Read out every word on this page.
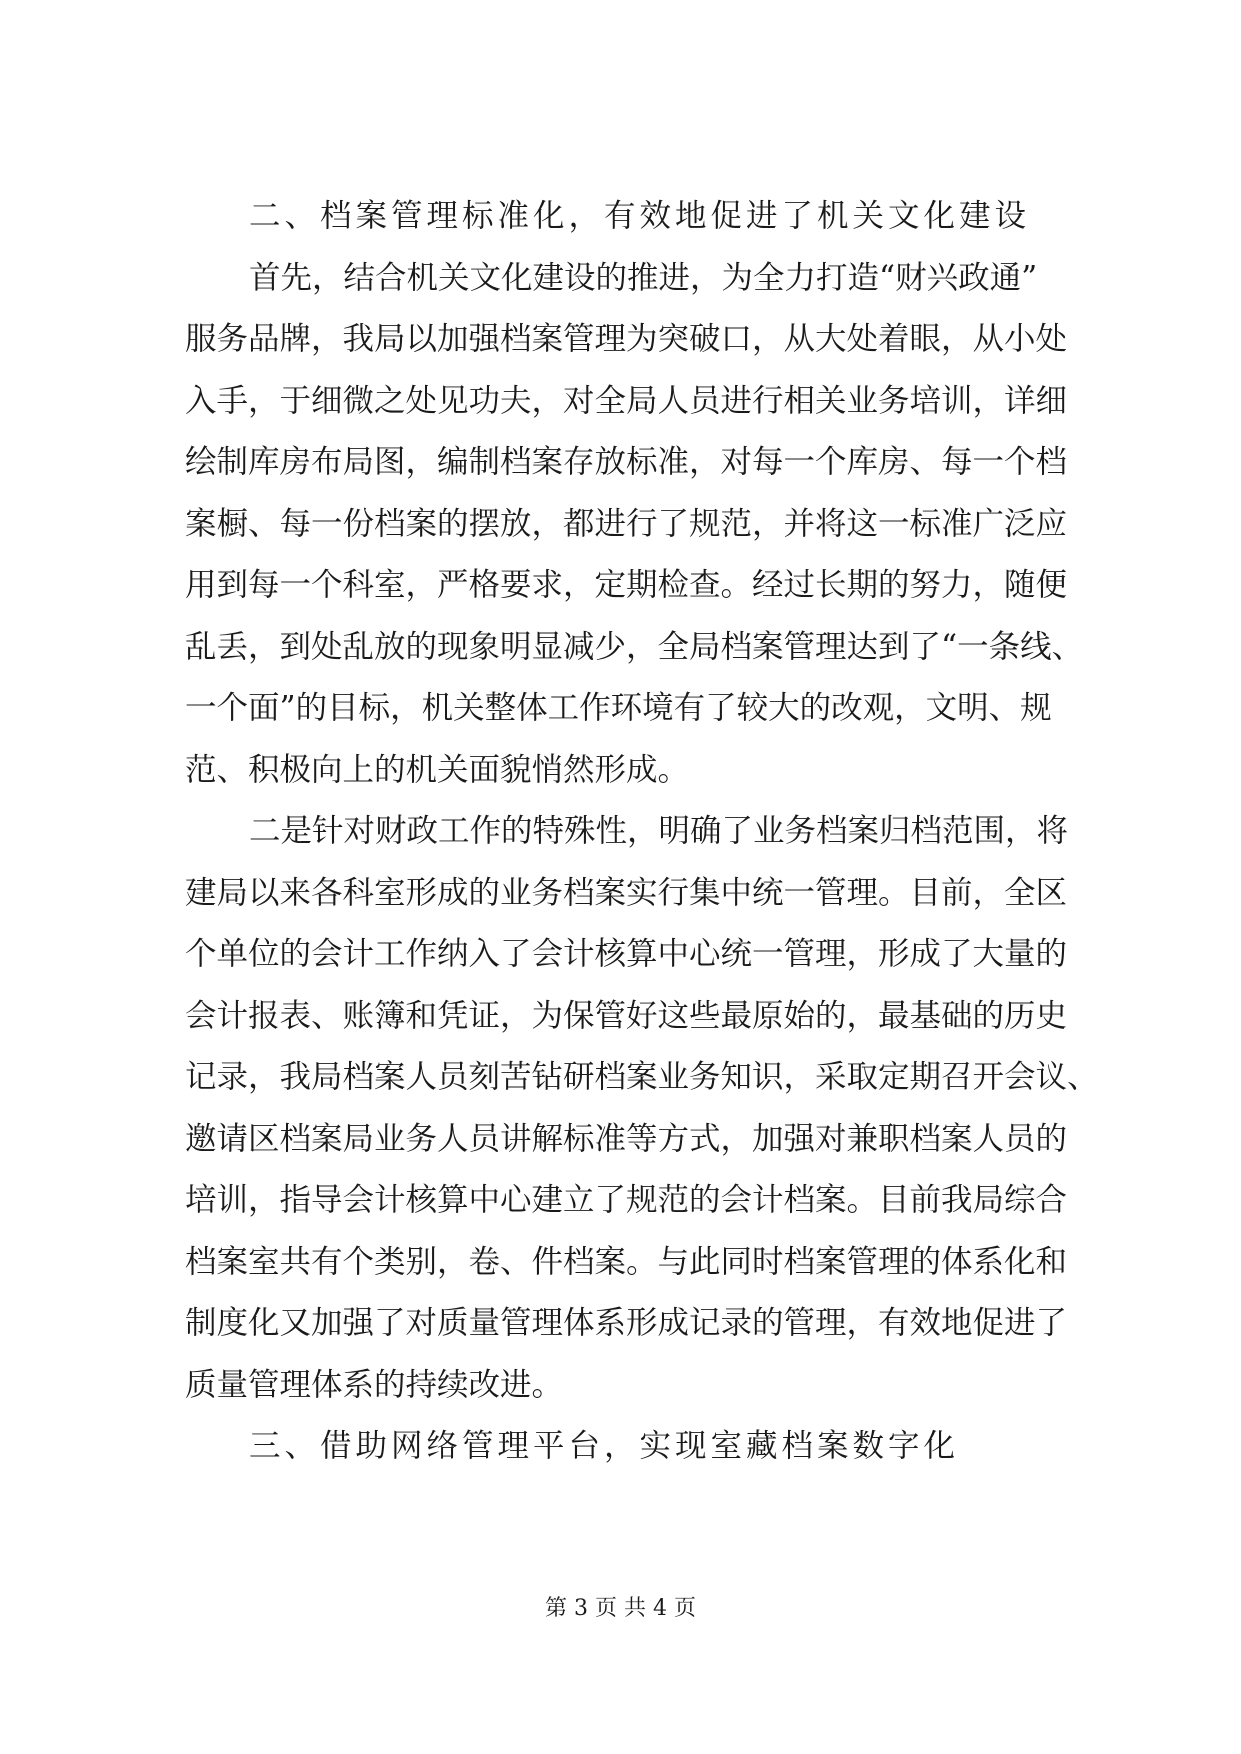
二、档案管理标准化，有效地促进了机关文化建设
首先，结合机关文化建设的推进，为全力打造“财兴政通”
服务品牌，我局以加强档案管理为突破口，从大处着眼，从小处
入手，于细微之处见功夫，对全局人员进行相关业务培训，详细
绘制库房布局图，编制档案存放标准，对每一个库房、每一个档
案橱、每一份档案的摆放，都进行了规范，并将这一标准广泛应
用到每一个科室，严格要求，定期检查。经过长期的努力，随便
乱丢，到处乱放的现象明显减少，全局档案管理达到了“一条线、
一个面”的目标，机关整体工作环境有了较大的改观，文明、规
范、积极向上的机关面貌悄然形成。
二是针对财政工作的特殊性，明确了业务档案归档范围，将
建局以来各科室形成的业务档案实行集中统一管理。目前，全区
个单位的会计工作纳入了会计核算中心统一管理，形成了大量的
会计报表、账簿和凭证，为保管好这些最原始的，最基础的历史
记录，我局档案人员刻苦钻研档案业务知识，采取定期召开会议、
邀请区档案局业务人员讲解标准等方式，加强对兼职档案人员的
培训，指导会计核算中心建立了规范的会计档案。目前我局综合
档案室共有个类别，卷、件档案。与此同时档案管理的体系化和
制度化又加强了对质量管理体系形成记录的管理，有效地促进了
质量管理体系的持续改进。
三、借助网络管理平台，实现室藏档案数字化
第 3 页 共 4 页
